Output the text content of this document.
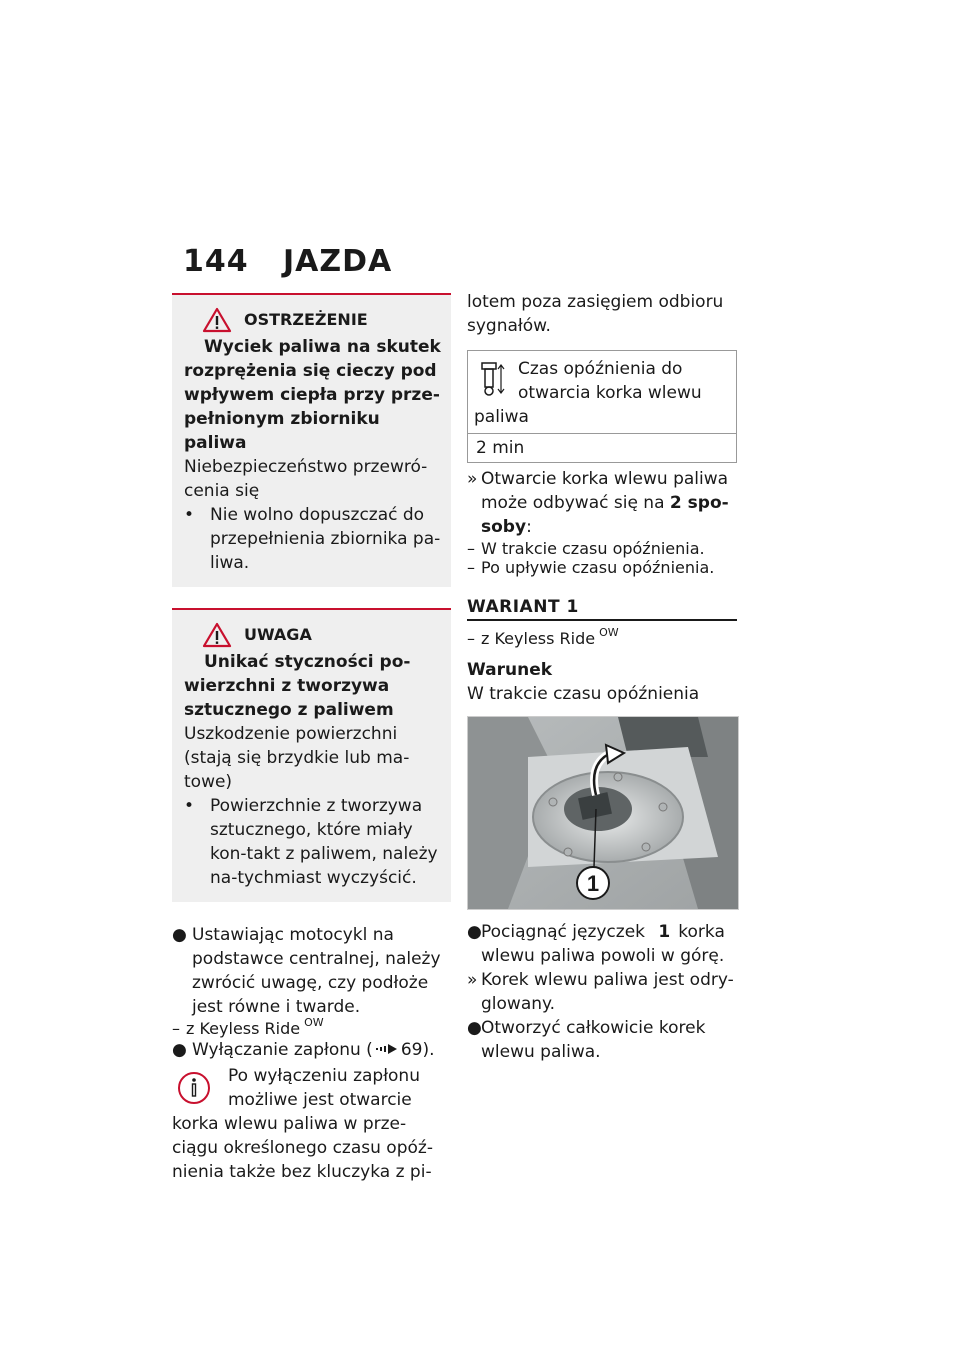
144 JAZDA
OSTRZEŻENIE

Wyciek paliwa na skutek rozprężenia się cieczy pod wpływem ciepła przy prze-pełnionym zbiorniku paliwa

Niebezpieczeństwo przewró-cenia się

• Nie wolno dopuszczać do przepełnienia zbiornika pa-liwa.
UWAGA

Unikać styczności po-wierzchni z tworzywa sztucznego z paliwem

Uszkodzenie powierzchni (stają się brzydkie lub ma-towe)

• Powierzchnie z tworzywa sztucznego, które miały kon-takt z paliwem, należy na-tychmiast wyczyścić.
● Ustawiając motocykl na podstawce centralnej, należy zwrócić uwagę, czy podłoże jest równe i twarde.
– z Keyless Ride $^{OW}$
● Wyłączanie zapłonu ( 69).

Po wyłączeniu zapłonu możliwe jest otwarcie

korka wlewu paliwa w prze-ciągu określonego czasu opóź-nienia także bez kluczyka z pi-

lotem poza zasięgiem odbioru sygnałów.

Czas opóźnienia do otwarcia korka wlewu
paliwa
2 min
» Otwarcie korka wlewu paliwa może odbywać się na 2 spo-soby:
– W trakcie czasu opóźnienia.
– Po upływie czasu opóźnienia.
WARIANT 1
– z Keyless Ride $^{OW}$

Warunek

W trakcie czasu opóźnienia

1
● Pociągnąć języczek 1 korka wlewu paliwa powoli w górę.
» Korek wlewu paliwa jest odry-glowany.
● Otworzyć całkowicie korek wlewu paliwa.
